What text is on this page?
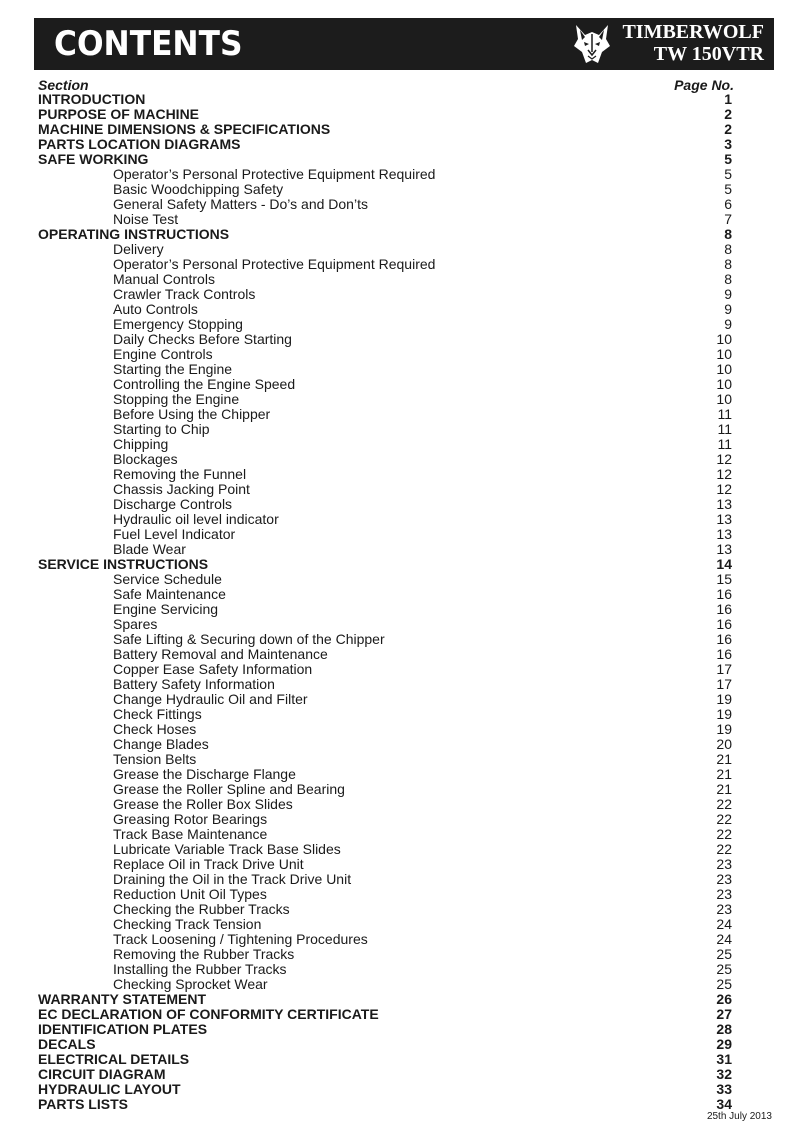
CONTENTS	TIMBERWOLF
TW 150VTR
Section	Page No.
INTRODUCTION	1
PURPOSE OF MACHINE	2
MACHINE DIMENSIONS & SPECIFICATIONS	2
PARTS LOCATION DIAGRAMS	3
SAFE WORKING	5
Operator’s Personal Protective Equipment Required	5
Basic Woodchipping Safety	5
General Safety Matters - Do’s and Don’ts	6
Noise Test	7
OPERATING INSTRUCTIONS	8
Delivery	8
Operator’s Personal Protective Equipment Required	8
Manual Controls	8
Crawler Track Controls	9
Auto Controls	9
Emergency Stopping	9
Daily Checks Before Starting	10
Engine Controls	10
Starting the Engine	10
Controlling the Engine Speed	10
Stopping the Engine	10
Before Using the Chipper	11
Starting to Chip	11
Chipping	11
Blockages	12
Removing the Funnel	12
Chassis Jacking Point	12
Discharge Controls	13
Hydraulic oil level indicator	13
Fuel Level Indicator	13
Blade Wear	13
SERVICE INSTRUCTIONS	14
Service Schedule	15
Safe Maintenance	16
Engine Servicing	16
Spares	16
Safe Lifting & Securing down of the Chipper	16
Battery Removal and Maintenance	16
Copper Ease Safety Information	17
Battery Safety Information	17
Change Hydraulic Oil and Filter	19
Check Fittings	19
Check Hoses	19
Change Blades	20
Tension Belts	21
Grease the Discharge Flange	21
Grease the Roller Spline and Bearing	21
Grease the Roller Box Slides	22
Greasing Rotor Bearings	22
Track Base Maintenance	22
Lubricate Variable Track Base Slides	22
Replace Oil in Track Drive Unit	23
Draining the Oil in the Track Drive Unit	23
Reduction Unit Oil Types	23
Checking the Rubber Tracks	23
Checking Track Tension	24
Track Loosening / Tightening Procedures	24
Removing the Rubber Tracks	25
Installing the Rubber Tracks	25
Checking Sprocket Wear	25
WARRANTY STATEMENT	26
EC DECLARATION OF CONFORMITY CERTIFICATE	27
IDENTIFICATION PLATES	28
DECALS	29
ELECTRICAL DETAILS	31
CIRCUIT DIAGRAM	32
HYDRAULIC LAYOUT	33
PARTS LISTS	34
25th July 2013
